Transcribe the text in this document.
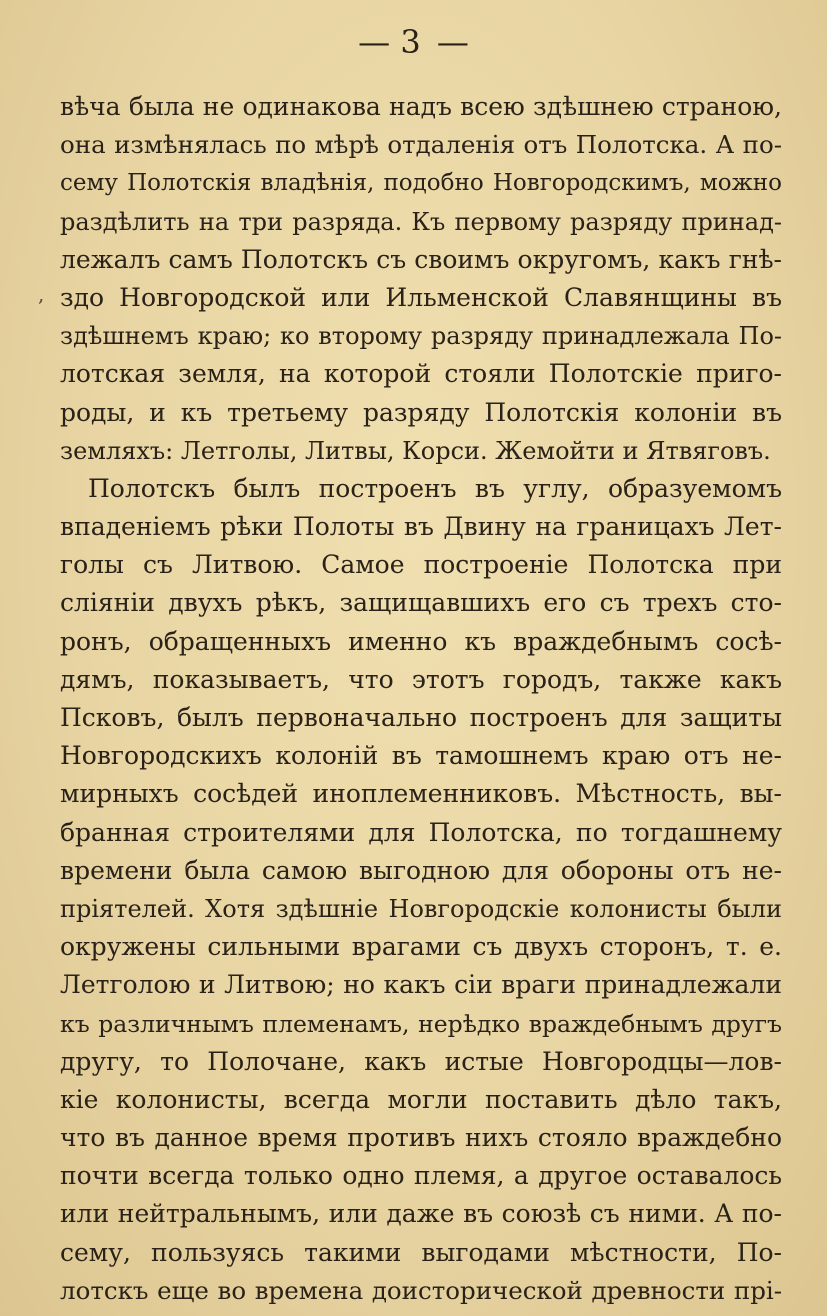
— 3 —
,
вѣча была не одинакова надъ всею здѣшнею страною,
она измѣнялась по мѣрѣ отдаленія отъ Полотска. А по-
сему Полотскія владѣнія, подобно Новгородскимъ, можно
раздѣлить на три разряда. Къ первому разряду принад-
лежалъ самъ Полотскъ съ своимъ округомъ, какъ гнѣ-
здо Новгородской или Ильменской Славянщины въ
здѣшнемъ краю; ко второму разряду принадлежала По-
лотская земля, на которой стояли Полотскіе приго-
роды, и къ третьему разряду Полотскія колоніи въ
земляхъ: Летголы, Литвы, Корси. Жемойти и Ятвяговъ.
Полотскъ былъ построенъ въ углу, образуемомъ
впаденіемъ рѣки Полоты въ Двину на границахъ Лет-
голы съ Литвою. Самое построеніе Полотска при
сліяніи двухъ рѣкъ, защищавшихъ его съ трехъ сто-
ронъ, обращенныхъ именно къ враждебнымъ сосѣ-
дямъ, показываетъ, что этотъ городъ, также какъ
Псковъ, былъ первоначально построенъ для защиты
Новгородскихъ колоній въ тамошнемъ краю отъ не-
мирныхъ сосѣдей иноплеменниковъ. Мѣстность, вы-
бранная строителями для Полотска, по тогдашнему
времени была самою выгодною для обороны отъ не-
пріятелей. Хотя здѣшніе Новгородскіе колонисты были
окружены сильными врагами съ двухъ сторонъ, т. е.
Летголою и Литвою; но какъ сіи враги принадлежали
къ различнымъ племенамъ, нерѣдко враждебнымъ другъ
другу, то Полочане, какъ истые Новгородцы—лов-
кіе колонисты, всегда могли поставить дѣло такъ,
что въ данное время противъ нихъ стояло враждебно
почти всегда только одно племя, а другое оставалось
или нейтральнымъ, или даже въ союзѣ съ ними. А по-
сему, пользуясь такими выгодами мѣстности, По-
лотскъ еще во времена доисторической древности прі-
